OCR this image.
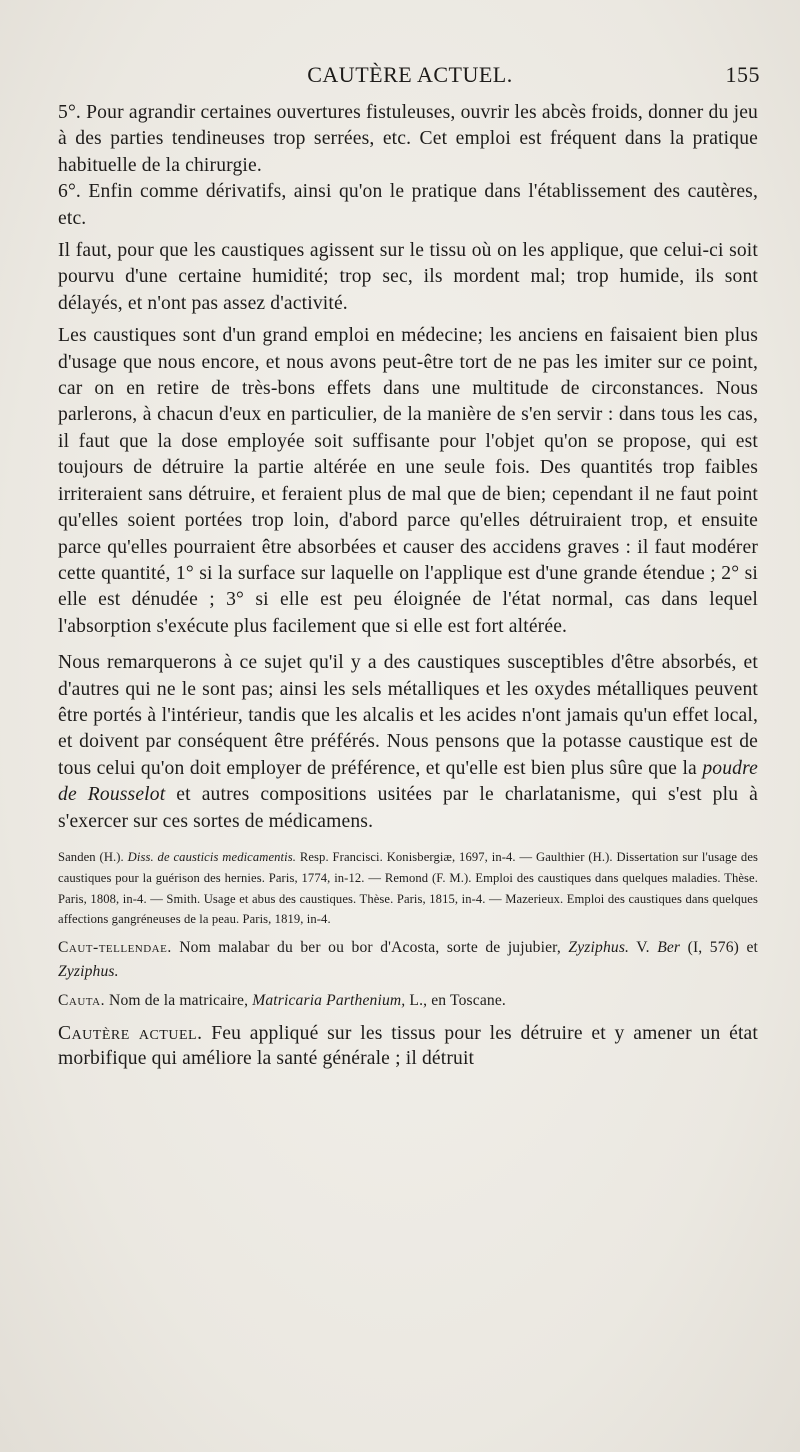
CAUTÈRE ACTUEL.	155

5°. Pour agrandir certaines ouvertures fistuleuses, ouvrir les abcès froids, donner du jeu à des parties tendineuses trop serrées, etc. Cet emploi est fréquent dans la pratique habituelle de la chirurgie.

6°. Enfin comme dérivatifs, ainsi qu'on le pratique dans l'établissement des cautères, etc.

Il faut, pour que les caustiques agissent sur le tissu où on les applique, que celui-ci soit pourvu d'une certaine humidité; trop sec, ils mordent mal; trop humide, ils sont délayés, et n'ont pas assez d'activité.

Les caustiques sont d'un grand emploi en médecine; les anciens en faisaient bien plus d'usage que nous encore, et nous avons peut-être tort de ne pas les imiter sur ce point, car on en retire de très-bons effets dans une multitude de circonstances. Nous parlerons, à chacun d'eux en particulier, de la manière de s'en servir : dans tous les cas, il faut que la dose employée soit suffisante pour l'objet qu'on se propose, qui est toujours de détruire la partie altérée en une seule fois. Des quantités trop faibles irriteraient sans détruire, et feraient plus de mal que de bien; cependant il ne faut point qu'elles soient portées trop loin, d'abord parce qu'elles détruiraient trop, et ensuite parce qu'elles pourraient être absorbées et causer des accidens graves : il faut modérer cette quantité, 1° si la surface sur laquelle on l'applique est d'une grande étendue ; 2° si elle est dénudée ; 3° si elle est peu éloignée de l'état normal, cas dans lequel l'absorption s'exécute plus facilement que si elle est fort altérée.

Nous remarquerons à ce sujet qu'il y a des caustiques susceptibles d'être absorbés, et d'autres qui ne le sont pas; ainsi les sels métalliques et les oxydes métalliques peuvent être portés à l'intérieur, tandis que les alcalis et les acides n'ont jamais qu'un effet local, et doivent par conséquent être préférés. Nous pensons que la potasse caustique est de tous celui qu'on doit employer de préférence, et qu'elle est bien plus sûre que la poudre de Rousselot et autres compositions usitées par le charlatanisme, qui s'est plu à s'exercer sur ces sortes de médicamens.

Sanden (H.). Diss. de causticis medicamentis. Resp. Francisci. Konisbergiæ, 1697, in-4. — Gaulthier (H.). Dissertation sur l'usage des caustiques pour la guérison des hernies. Paris, 1774, in-12. — Remond (F. M.). Emploi des caustiques dans quelques maladies. Thèse. Paris, 1808, in-4. — Smith. Usage et abus des caustiques. Thèse. Paris, 1815, in-4. — Mazerieux. Emploi des caustiques dans quelques affections gangréneuses de la peau. Paris, 1819, in-4.

Caut-tellendae. Nom malabar du ber ou bor d'Acosta, sorte de jujubier, Zyziphus. V. Ber (I, 576) et Zyziphus.

Cauta. Nom de la matricaire, Matricaria Parthenium, L., en Toscane.

Cautère actuel. Feu appliqué sur les tissus pour les détruire et y amener un état morbifique qui améliore la santé générale ; il détruit
